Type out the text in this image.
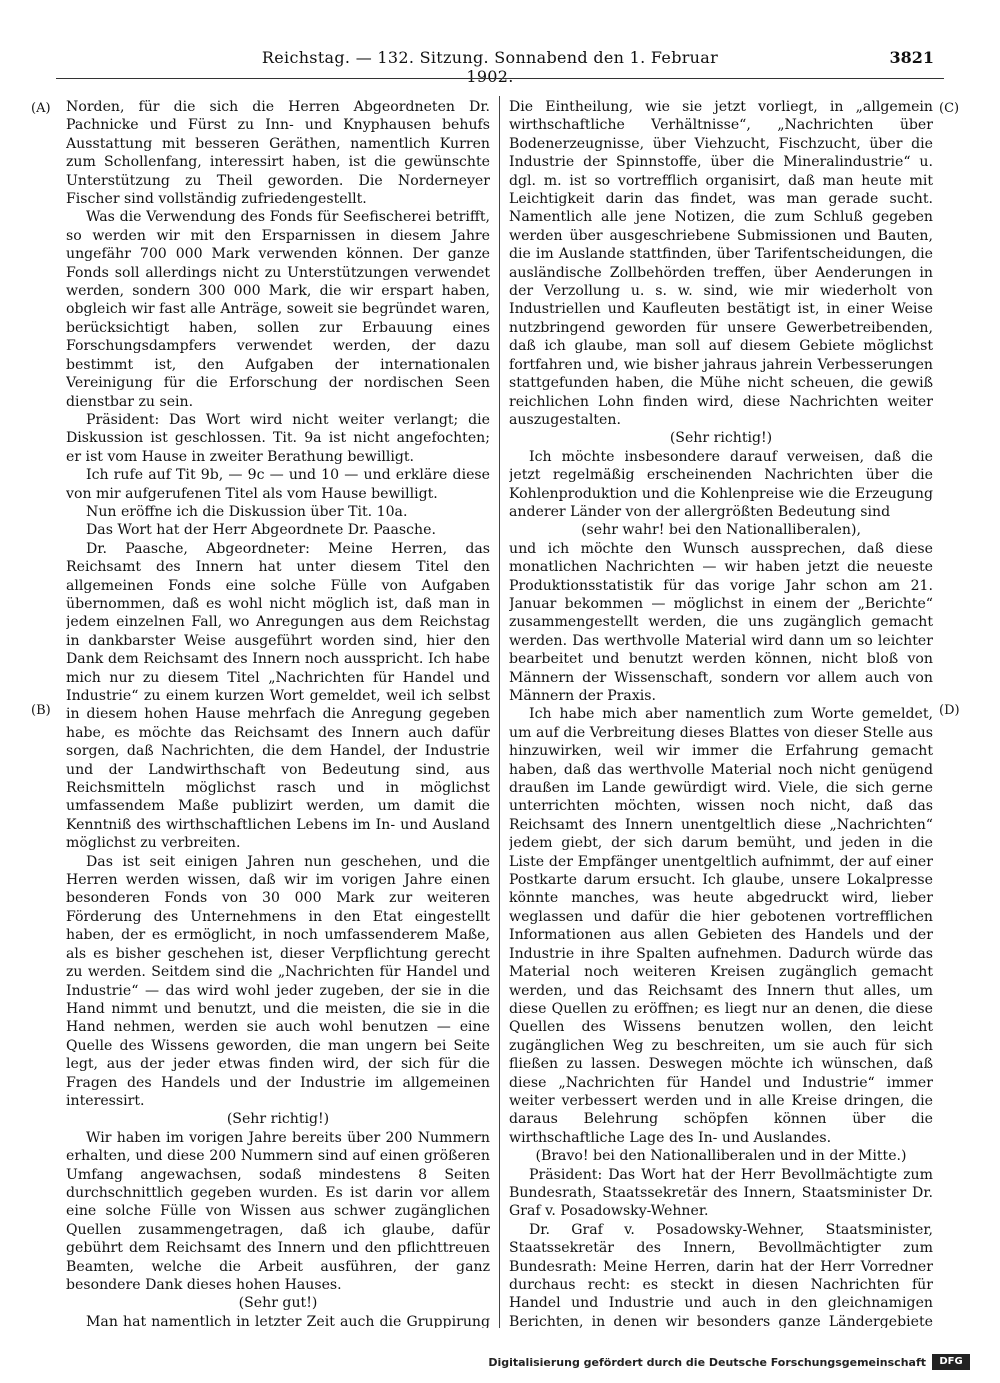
Reichstag. — 132. Sitzung. Sonnabend den 1. Februar 1902.
3821
(A)
(B)
(C)
(D)

Norden, für die sich die Herren Abgeordneten Dr. Pachnicke und Fürst zu Inn- und Knyphausen behufs Ausstattung mit besseren Geräthen, namentlich Kurren zum Schollenfang, interessirt haben, ist die gewünschte Unterstützung zu Theil geworden. Die Norderneyer Fischer sind vollständig zufriedengestellt.

Was die Verwendung des Fonds für Seefischerei betrifft, so werden wir mit den Ersparnissen in diesem Jahre ungefähr 700 000 Mark verwenden können. Der ganze Fonds soll allerdings nicht zu Unterstützungen verwendet werden, sondern 300 000 Mark, die wir erspart haben, obgleich wir fast alle Anträge, soweit sie begründet waren, berücksichtigt haben, sollen zur Erbauung eines Forschungsdampfers verwendet werden, der dazu bestimmt ist, den Aufgaben der internationalen Vereinigung für die Erforschung der nordischen Seen dienstbar zu sein.

Präsident: Das Wort wird nicht weiter verlangt; die Diskussion ist geschlossen. Tit. 9a ist nicht angefochten; er ist vom Hause in zweiter Berathung bewilligt.

Ich rufe auf Tit 9b, — 9c — und 10 — und erkläre diese von mir aufgerufenen Titel als vom Hause bewilligt.

Nun eröffne ich die Diskussion über Tit. 10a.

Das Wort hat der Herr Abgeordnete Dr. Paasche.

Dr. Paasche, Abgeordneter: Meine Herren, das Reichsamt des Innern hat unter diesem Titel den allgemeinen Fonds eine solche Fülle von Aufgaben übernommen, daß es wohl nicht möglich ist, daß man in jedem einzelnen Fall, wo Anregungen aus dem Reichstag in dankbarster Weise ausgeführt worden sind, hier den Dank dem Reichsamt des Innern noch ausspricht. Ich habe mich nur zu diesem Titel „Nachrichten für Handel und Industrie“ zu einem kurzen Wort gemeldet, weil ich selbst in diesem hohen Hause mehrfach die Anregung gegeben habe, es möchte das Reichsamt des Innern auch dafür sorgen, daß Nachrichten, die dem Handel, der Industrie und der Landwirthschaft von Bedeutung sind, aus Reichsmitteln möglichst rasch und in möglichst umfassendem Maße publizirt werden, um damit die Kenntniß des wirthschaftlichen Lebens im In- und Ausland möglichst zu verbreiten.

Das ist seit einigen Jahren nun geschehen, und die Herren werden wissen, daß wir im vorigen Jahre einen besonderen Fonds von 30 000 Mark zur weiteren Förderung des Unternehmens in den Etat eingestellt haben, der es ermöglicht, in noch umfassenderem Maße, als es bisher geschehen ist, dieser Verpflichtung gerecht zu werden. Seitdem sind die „Nachrichten für Handel und Industrie“ — das wird wohl jeder zugeben, der sie in die Hand nimmt und benutzt, und die meisten, die sie in die Hand nehmen, werden sie auch wohl benutzen — eine Quelle des Wissens geworden, die man ungern bei Seite legt, aus der jeder etwas finden wird, der sich für die Fragen des Handels und der Industrie im allgemeinen interessirt.

(Sehr richtig!)

Wir haben im vorigen Jahre bereits über 200 Nummern erhalten, und diese 200 Nummern sind auf einen größeren Umfang angewachsen, sodaß mindestens 8 Seiten durchschnittlich gegeben wurden. Es ist darin vor allem eine solche Fülle von Wissen aus schwer zugänglichen Quellen zusammengetragen, daß ich glaube, dafür gebührt dem Reichsamt des Innern und den pflichttreuen Beamten, welche die Arbeit ausführen, der ganz besondere Dank dieses hohen Hauses.

(Sehr gut!)

Man hat namentlich in letzter Zeit auch die Gruppirung

Die Eintheilung, wie sie jetzt vorliegt, in „allgemein wirthschaftliche Verhältnisse“, „Nachrichten über Bodenerzeugnisse, über Viehzucht, Fischzucht, über die Industrie der Spinnstoffe, über die Mineralindustrie“ u. dgl. m. ist so vortrefflich organisirt, daß man heute mit Leichtigkeit darin das findet, was man gerade sucht. Namentlich alle jene Notizen, die zum Schluß gegeben werden über ausgeschriebene Submissionen und Bauten, die im Auslande stattfinden, über Tarifentscheidungen, die ausländische Zollbehörden treffen, über Aenderungen in der Verzollung u. s. w. sind, wie mir wiederholt von Industriellen und Kaufleuten bestätigt ist, in einer Weise nutzbringend geworden für unsere Gewerbetreibenden, daß ich glaube, man soll auf diesem Gebiete möglichst fortfahren und, wie bisher jahraus jahrein Verbesserungen stattgefunden haben, die Mühe nicht scheuen, die gewiß reichlichen Lohn finden wird, diese Nachrichten weiter auszugestalten.

(Sehr richtig!)

Ich möchte insbesondere darauf verweisen, daß die jetzt regelmäßig erscheinenden Nachrichten über die Kohlenproduktion und die Kohlenpreise wie die Erzeugung anderer Länder von der allergrößten Bedeutung sind

(sehr wahr! bei den Nationalliberalen),

und ich möchte den Wunsch aussprechen, daß diese monatlichen Nachrichten — wir haben jetzt die neueste Produktionsstatistik für das vorige Jahr schon am 21. Januar bekommen — möglichst in einem der „Berichte“ zusammengestellt werden, die uns zugänglich gemacht werden. Das werthvolle Material wird dann um so leichter bearbeitet und benutzt werden können, nicht bloß von Männern der Wissenschaft, sondern vor allem auch von Männern der Praxis.

Ich habe mich aber namentlich zum Worte gemeldet, um auf die Verbreitung dieses Blattes von dieser Stelle aus hinzuwirken, weil wir immer die Erfahrung gemacht haben, daß das werthvolle Material noch nicht genügend draußen im Lande gewürdigt wird. Viele, die sich gerne unterrichten möchten, wissen noch nicht, daß das Reichsamt des Innern unentgeltlich diese „Nachrichten“ jedem giebt, der sich darum bemüht, und jeden in die Liste der Empfänger unentgeltlich aufnimmt, der auf einer Postkarte darum ersucht. Ich glaube, unsere Lokalpresse könnte manches, was heute abgedruckt wird, lieber weglassen und dafür die hier gebotenen vortrefflichen Informationen aus allen Gebieten des Handels und der Industrie in ihre Spalten aufnehmen. Dadurch würde das Material noch weiteren Kreisen zugänglich gemacht werden, und das Reichsamt des Innern thut alles, um diese Quellen zu eröffnen; es liegt nur an denen, die diese Quellen des Wissens benutzen wollen, den leicht zugänglichen Weg zu beschreiten, um sie auch für sich fließen zu lassen. Deswegen möchte ich wünschen, daß diese „Nachrichten für Handel und Industrie“ immer weiter verbessert werden und in alle Kreise dringen, die daraus Belehrung schöpfen können über die wirthschaftliche Lage des In- und Auslandes.

(Bravo! bei den Nationalliberalen und in der Mitte.)

Präsident: Das Wort hat der Herr Bevollmächtigte zum Bundesrath, Staatssekretär des Innern, Staatsminister Dr. Graf v. Posadowsky-Wehner.

Dr. Graf v. Posadowsky-Wehner, Staatsminister, Staatssekretär des Innern, Bevollmächtigter zum Bundesrath: Meine Herren, darin hat der Herr Vorredner durchaus recht: es steckt in diesen Nachrichten für Handel und Industrie und auch in den gleichnamigen Berichten, in denen wir besonders ganze Ländergebiete

Digitalisierung gefördert durch die Deutsche Forschungsgemeinschaft	DFG
